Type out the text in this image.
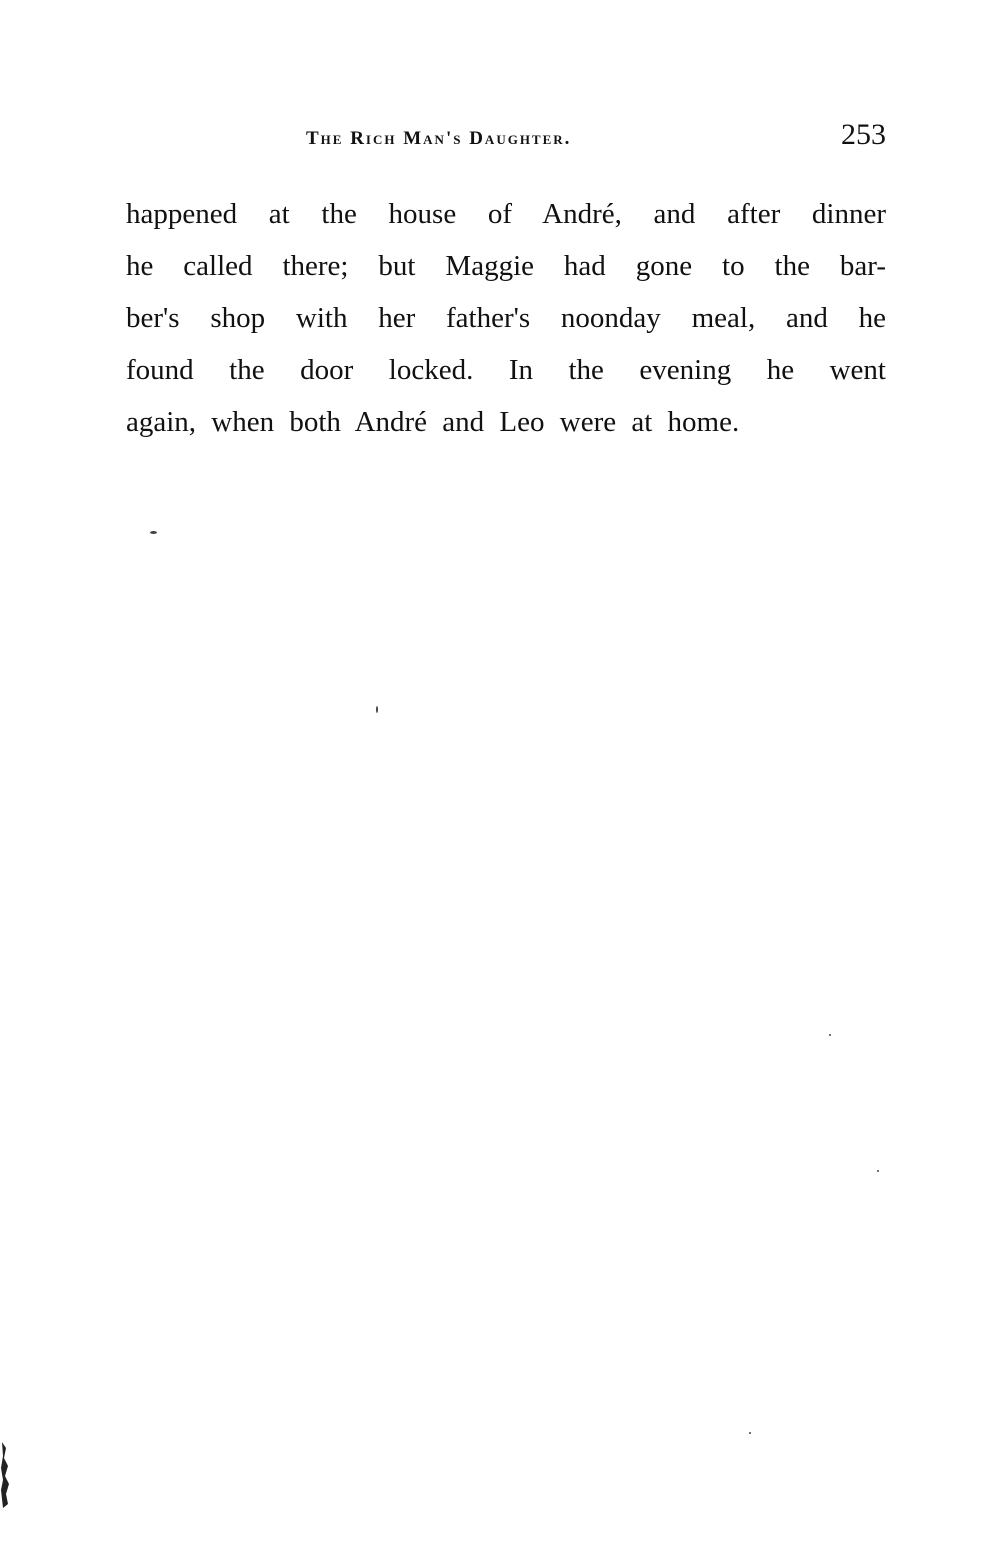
The Rich Man's Daughter.	253
happened at the house of André, and after dinner
he called there; but Maggie had gone to the bar-
ber's shop with her father's noonday meal, and he
found the door locked. In the evening he went
again, when both André and Leo were at home.
